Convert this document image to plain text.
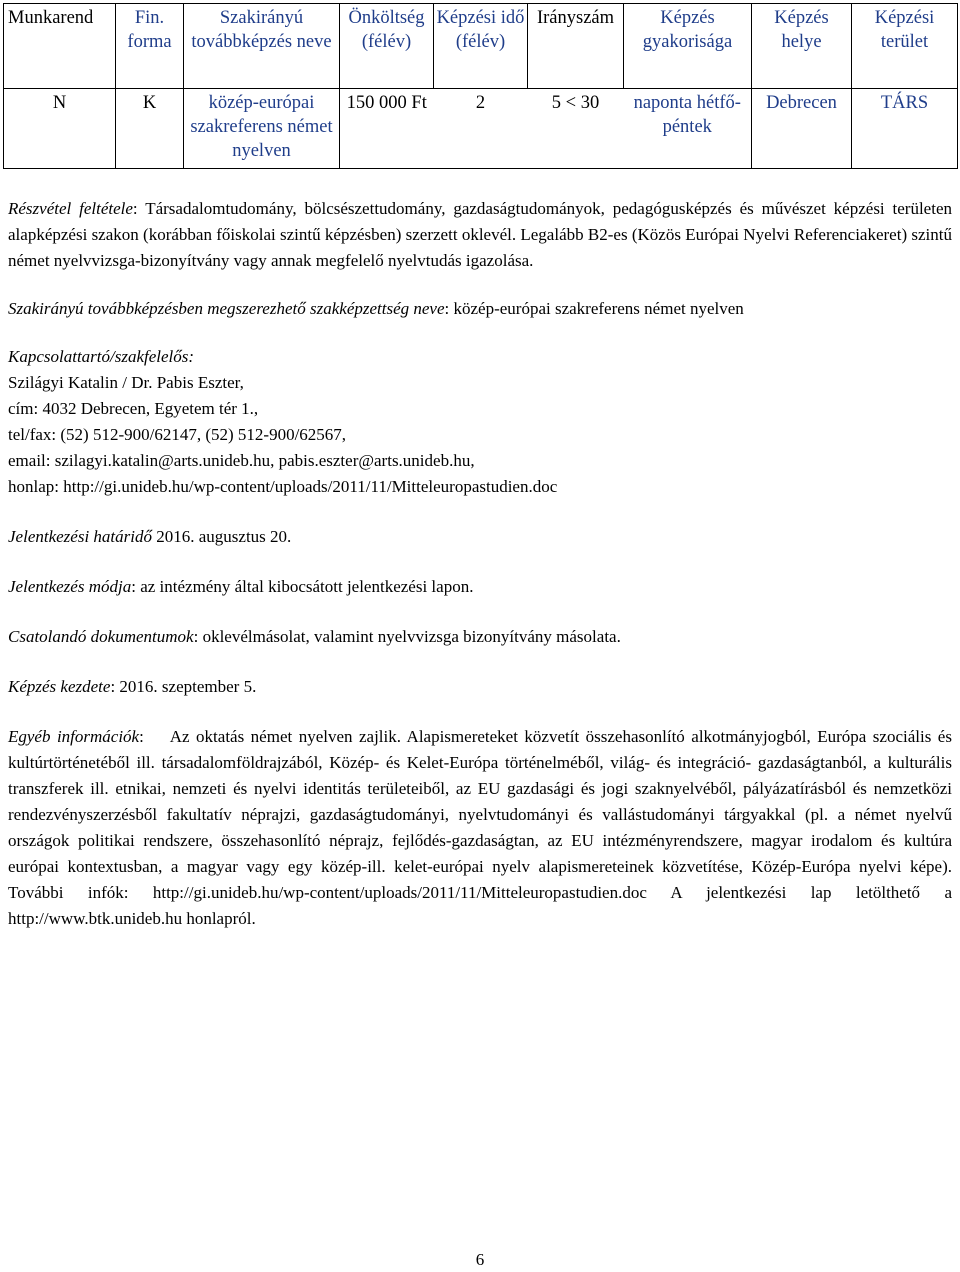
Munkarend	Fin. forma	Szakirányú továbbképzés neve	Önköltség (félév)	Képzési idő (félév)	Irányszám	Képzés gyakorisága	Képzés helye	Képzési terület
N	K	közép-európai szakreferens német nyelven	150 000 Ft	2	5 < 30	naponta hétfő-péntek	Debrecen	TÁRS

Részvétel feltétele: Társadalomtudomány, bölcsészettudomány, gazdaságtudományok, pedagógusképzés és művészet képzési területen alapképzési szakon (korábban főiskolai szintű képzésben) szerzett oklevél. Legalább B2-es (Közös Európai Nyelvi Referenciakeret) szintű német nyelvvizsga-bizonyítvány vagy annak megfelelő nyelvtudás igazolása.

Szakirányú továbbképzésben megszerezhető szakképzettség neve: közép-európai szakreferens német nyelven

Kapcsolattartó/szakfelelős:
Szilágyi Katalin / Dr. Pabis Eszter,
cím: 4032 Debrecen, Egyetem tér 1.,
tel/fax: (52) 512-900/62147, (52) 512-900/62567,
email: szilagyi.katalin@arts.unideb.hu, pabis.eszter@arts.unideb.hu,
honlap: http://gi.unideb.hu/wp-content/uploads/2011/11/Mitteleuropastudien.doc

Jelentkezési határidő 2016. augusztus 20.

Jelentkezés módja: az intézmény által kibocsátott jelentkezési lapon.

Csatolandó dokumentumok: oklevélmásolat, valamint nyelvvizsga bizonyítvány másolata.

Képzés kezdete: 2016. szeptember 5.

Egyéb információk:    Az oktatás német nyelven zajlik. Alapismereteket közvetít összehasonlító alkotmányjogból, Európa szociális és kultúrtörténetéből ill. társadalomföldrajzából, Közép- és Kelet-Európa történelméből, világ- és integráció- gazdaságtanból, a kulturális transzferek ill. etnikai, nemzeti és nyelvi identitás területeiből, az EU gazdasági és jogi szaknyelvéből, pályázatírásból és nemzetközi rendezvényszerzésből fakultatív néprajzi, gazdaságtudományi, nyelvtudományi és vallástudományi tárgyakkal (pl. a német nyelvű országok politikai rendszere, összehasonlító néprajz, fejlődés-gazdaságtan, az EU intézményrendszere, magyar irodalom és kultúra európai kontextusban, a magyar vagy egy közép-ill. kelet-európai nyelv alapismereteinek közvetítése, Közép-Európa nyelvi képe). További infók: http://gi.unideb.hu/wp-content/uploads/2011/11/Mitteleuropastudien.doc A jelentkezési lap letölthető a http://www.btk.unideb.hu honlapról.

6
